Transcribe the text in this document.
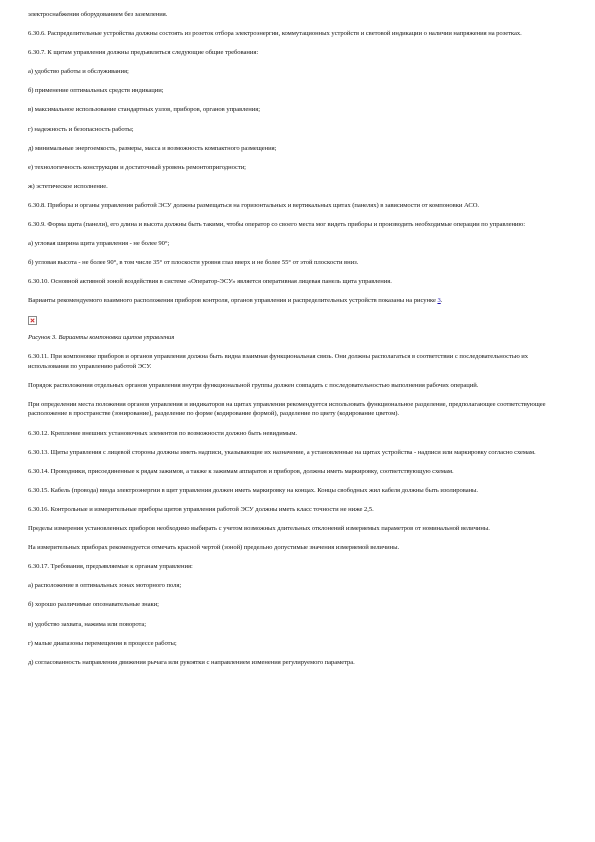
электроснабжения оборудованием без заземления.

6.30.6. Распределительные устройства должны состоять из розеток отбора электроэнергии, коммутационных устройств и световой индикации о наличии напряжения на розетках.

6.30.7. К щитам управления должны предъявляться следующие общие требования:

а) удобство работы и обслуживания;

б) применение оптимальных средств индикации;

в) максимальное использование стандартных узлов, приборов, органов управления;

г) надежность и безопасность работы;

д) минимальные энергоемкость, размеры, масса и возможность компактного размещения;

е) технологичность конструкции и достаточный уровень ремонтопригодности;

ж) эстетическое исполнение.

6.30.8. Приборы и органы управления работой ЭСУ должны размещаться на горизонтальных и вертикальных щитах (панелях) в зависимости от компоновки АСО.

6.30.9. Форма щита (панели), его длина и высота должны быть такими, чтобы оператор со своего места мог видеть приборы и производить необходимые операции по управлению:

а) угловая ширина щита управления - не более 90°;

б) угловая высота - не более 90°, в том числе 35° от плоскости уровня глаз вверх и не более 55° от этой плоскости вниз.

6.30.10. Основной активной зоной воздействия в системе «Оператор-ЭСУ» является оперативная лицевая панель щита управления.

Варианты рекомендуемого взаимного расположения приборов контроля, органов управления и распределительных устройств показаны на рисунке 3.

Рисунок 3. Варианты компоновки щитов управления

6.30.11. При компоновке приборов и органов управления должна быть видна взаимная функциональная связь. Они должны располагаться в соответствии с последовательностью их использования по управлению работой ЭСУ.

Порядок расположения отдельных органов управления внутри функциональной группы должен совпадать с последовательностью выполнения рабочих операций.

При определении места положения органов управления и индикаторов на щитах управления рекомендуется использовать функциональное разделение, предполагающее соответствующее расположение в пространстве (зонирование), разделение по форме (кодирование формой), разделение по цвету (кодирование цветом).

6.30.12. Крепление внешних установочных элементов по возможности должно быть невидимым.

6.30.13. Щиты управления с лицевой стороны должны иметь надписи, указывающие их назначение, а установленные на щитах устройства - надписи или маркировку согласно схемам.

6.30.14. Проводники, присоединенные к рядам зажимов, а также к зажимам аппаратов и приборов, должны иметь маркировку, соответствующую схемам.

6.30.15. Кабель (провода) ввода электроэнергии в щит управления должен иметь маркировку на концах. Концы свободных жил кабеля должны быть изолированы.

6.30.16. Контрольные и измерительные приборы щитов управления работой ЭСУ должны иметь класс точности не ниже 2,5.

Пределы измерения установленных приборов необходимо выбирать с учетом возможных длительных отклонений измеряемых параметров от номинальной величины.

На измерительных приборах рекомендуется отмечать красной чертой (зоной) предельно допустимые значения измеряемой величины.

6.30.17. Требования, предъявляемые к органам управления:

а) расположение в оптимальных зонах моторного поля;

б) хорошо различимые опознавательные знаки;

в) удобство захвата, нажима или поворота;

г) малые диапазоны перемещения в процессе работы;

д) согласованность направления движения рычага или рукоятки с направлением изменения регулируемого параметра.
